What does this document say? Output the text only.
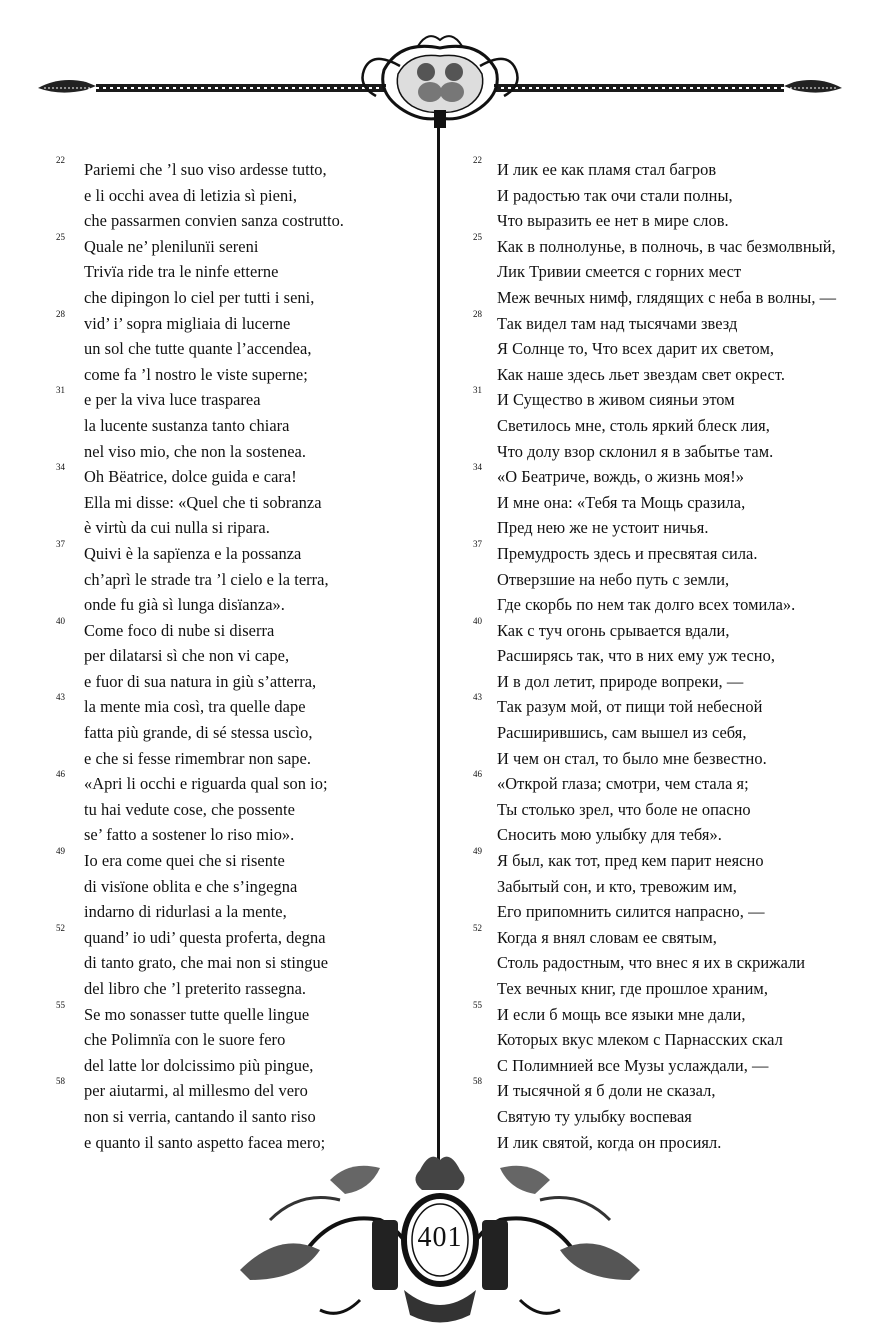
22	Pariemi che ’l suo viso ardesse tutto,
e li occhi avea di letizia sì pieni,
che passarmen convien sanza costrutto.
25	Quale ne’ plenilunïi sereni
Trivïa ride tra le ninfe etterne
che dipingon lo ciel per tutti i seni,
28	vid’ i’ sopra migliaia di lucerne
un sol che tutte quante l’accendea,
come fa ’l nostro le viste superne;
31	e per la viva luce trasparea
la lucente sustanza tanto chiara
nel viso mio, che non la sostenea.
34	Oh Bëatrice, dolce guida e cara!
Ella mi disse: «Quel che ti sobranza
è virtù da cui nulla si ripara.
37	Quivi è la sapïenza e la possanza
ch’aprì le strade tra ’l cielo e la terra,
onde fu già sì lunga disïanza».
40	Come foco di nube si diserra
per dilatarsi sì che non vi cape,
e fuor di sua natura in giù s’atterra,
43	la mente mia così, tra quelle dape
fatta più grande, di sé stessa uscìo,
e che si fesse rimembrar non sape.
46	«Apri li occhi e riguarda qual son io;
tu hai vedute cose, che possente
se’ fatto a sostener lo riso mio».
49	Io era come quei che si risente
di visïone oblita e che s’ingegna
indarno di ridurlasi a la mente,
52	quand’ io udi’ questa proferta, degna
di tanto grato, che mai non si stingue
del libro che ’l preterito rassegna.
55	Se mo sonasser tutte quelle lingue
che Polimnïa con le suore fero
del latte lor dolcissimo più pingue,
58	per aiutarmi, al millesmo del vero
non si verria, cantando il santo riso
e quanto il santo aspetto facea mero;
22 И лик ее как пламя стал багров
И радостью так очи стали полны,
Что выразить ее нет в мире слов.
25 Как в полнолунье, в полночь, в час безмолвный,
Лик Тривии смеется с горних мест
Меж вечных нимф, глядящих с неба в волны, —
28 Так видел там над тысячами звезд
Я Солнце то, Что всех дарит их светом,
Как наше здесь льет звездам свет окрест.
31 И Существо в живом сияньи этом
Светилось мне, столь яркий блеск лия,
Что долу взор склонил я в забытье там.
34 «О Беатриче, вождь, о жизнь моя!»
И мне она: «Тебя та Мощь сразила,
Пред нею же не устоит ничья.
37 Премудрость здесь и пресвятая сила.
Отверзшие на небо путь с земли,
Где скорбь по нем так долго всех томила».
40 Как с туч огонь срывается вдали,
Расширясь так, что в них ему уж тесно,
И в дол летит, природе вопреки, —
43 Так разум мой, от пищи той небесной
Расширившись, сам вышел из себя,
И чем он стал, то было мне безвестно.
46 «Открой глаза; смотри, чем стала я;
Ты столько зрел, что боле не опасно
Сносить мою улыбку для тебя».
49 Я был, как тот, пред кем парит неясно
Забытый сон, и кто, тревожим им,
Его припомнить силится напрасно, —
52 Когда я внял словам ее святым,
Столь радостным, что внес я их в скрижали
Тех вечных книг, где прошлое храним,
55 И если б мощь все языки мне дали,
Которых вкус млеком с Парнасских скал
С Полимнией все Музы услаждали, —
58 И тысячной я б доли не сказал,
Святую ту улыбку воспевая
И лик святой, когда он просиял.
401
